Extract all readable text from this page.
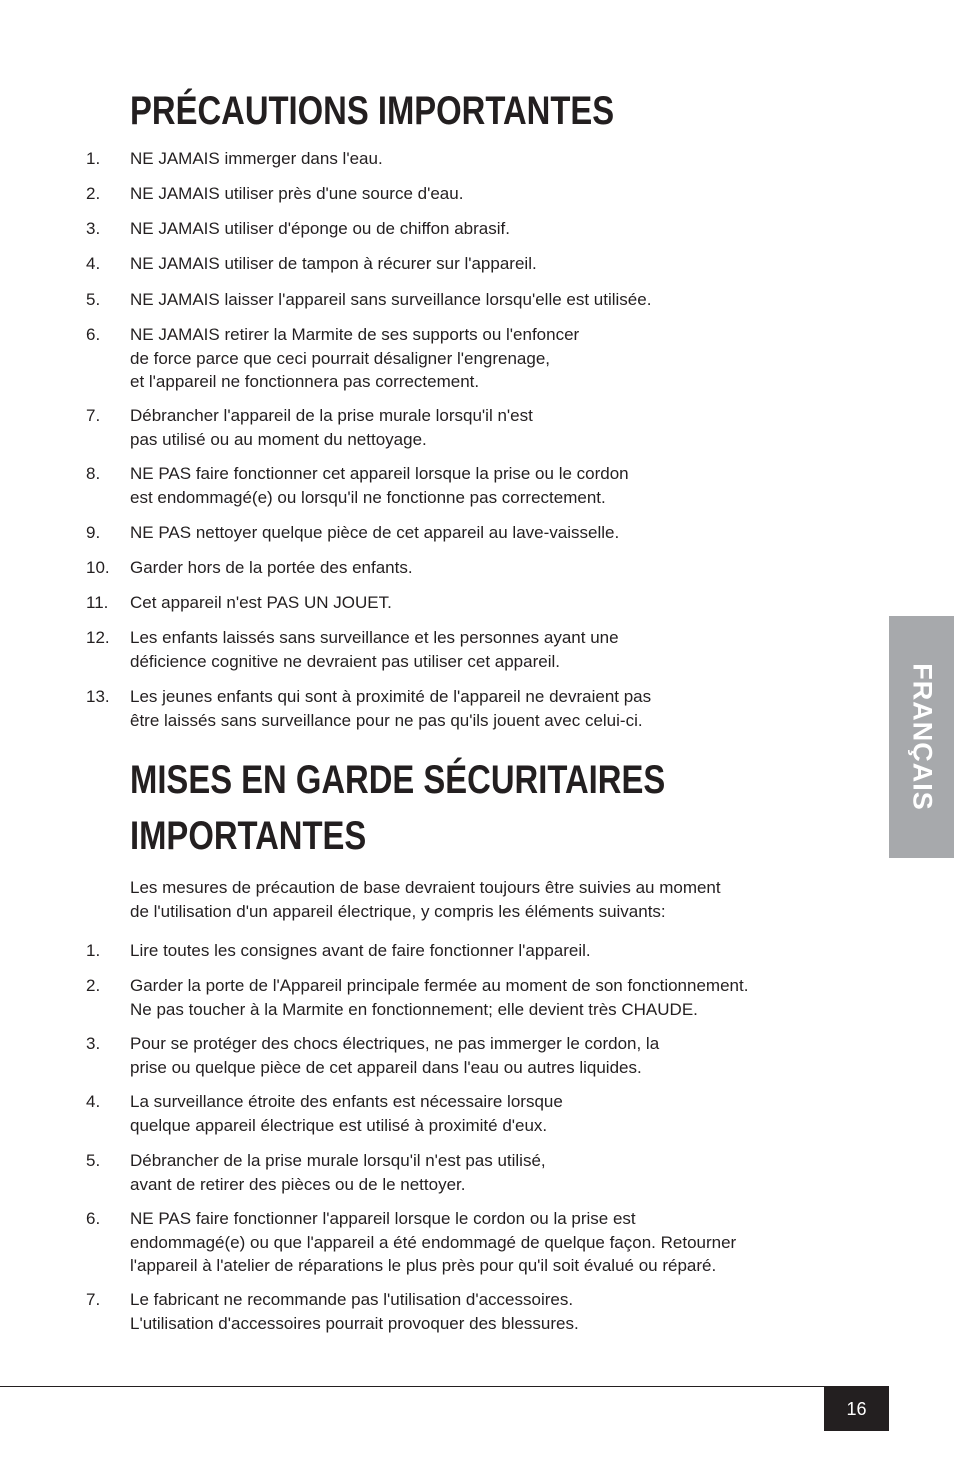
PRÉCAUTIONS IMPORTANTES
1.	NE JAMAIS immerger dans l'eau.
2.	NE JAMAIS utiliser près d'une source d'eau.
3.	NE JAMAIS utiliser d'éponge ou de chiffon abrasif.
4.	NE JAMAIS utiliser de tampon à récurer sur l'appareil.
5.	NE JAMAIS laisser l'appareil sans surveillance lorsqu'elle est utilisée.
6.	NE JAMAIS retirer la Marmite de ses supports ou l'enfoncer
de force parce que ceci pourrait désaligner l'engrenage,
et l'appareil ne fonctionnera pas correctement.
7.	Débrancher l'appareil de la prise murale lorsqu'il n'est
pas utilisé ou au moment du nettoyage.
8.	NE PAS faire fonctionner cet appareil lorsque la prise ou le cordon
est endommagé(e) ou lorsqu'il ne fonctionne pas correctement.
9.	NE PAS nettoyer quelque pièce de cet appareil au lave-vaisselle.
10.	Garder hors de la portée des enfants.
11.	Cet appareil n'est PAS UN JOUET.
12.	Les enfants laissés sans surveillance et les personnes ayant une
déficience cognitive ne devraient pas utiliser cet appareil.
13.	Les jeunes enfants qui sont à proximité de l'appareil ne devraient pas
être laissés sans surveillance pour ne pas qu'ils jouent avec celui-ci.
MISES EN GARDE SÉCURITAIRES IMPORTANTES
Les mesures de précaution de base devraient toujours être suivies au moment
de l'utilisation d'un appareil électrique, y compris les éléments suivants:
1.	Lire toutes les consignes avant de faire fonctionner l'appareil.
2.	Garder la porte de l'Appareil principale fermée au moment de son fonctionnement.
Ne pas toucher à la Marmite en fonctionnement; elle devient très CHAUDE.
3.	Pour se protéger des chocs électriques, ne pas immerger le cordon, la
prise ou quelque pièce de cet appareil dans l'eau ou autres liquides.
4.	La surveillance étroite des enfants est nécessaire lorsque
quelque appareil électrique est utilisé à proximité d'eux.
5.	Débrancher de la prise murale lorsqu'il n'est pas utilisé,
avant de retirer des pièces ou de le nettoyer.
6.	NE PAS faire fonctionner l'appareil lorsque le cordon ou la prise est
endommagé(e) ou que l'appareil a été endommagé de quelque façon. Retourner
l'appareil à l'atelier de réparations le plus près pour qu'il soit évalué ou réparé.
7.	Le fabricant ne recommande pas l'utilisation d'accessoires.
L'utilisation d'accessoires pourrait provoquer des blessures.
FRANÇAIS
16
